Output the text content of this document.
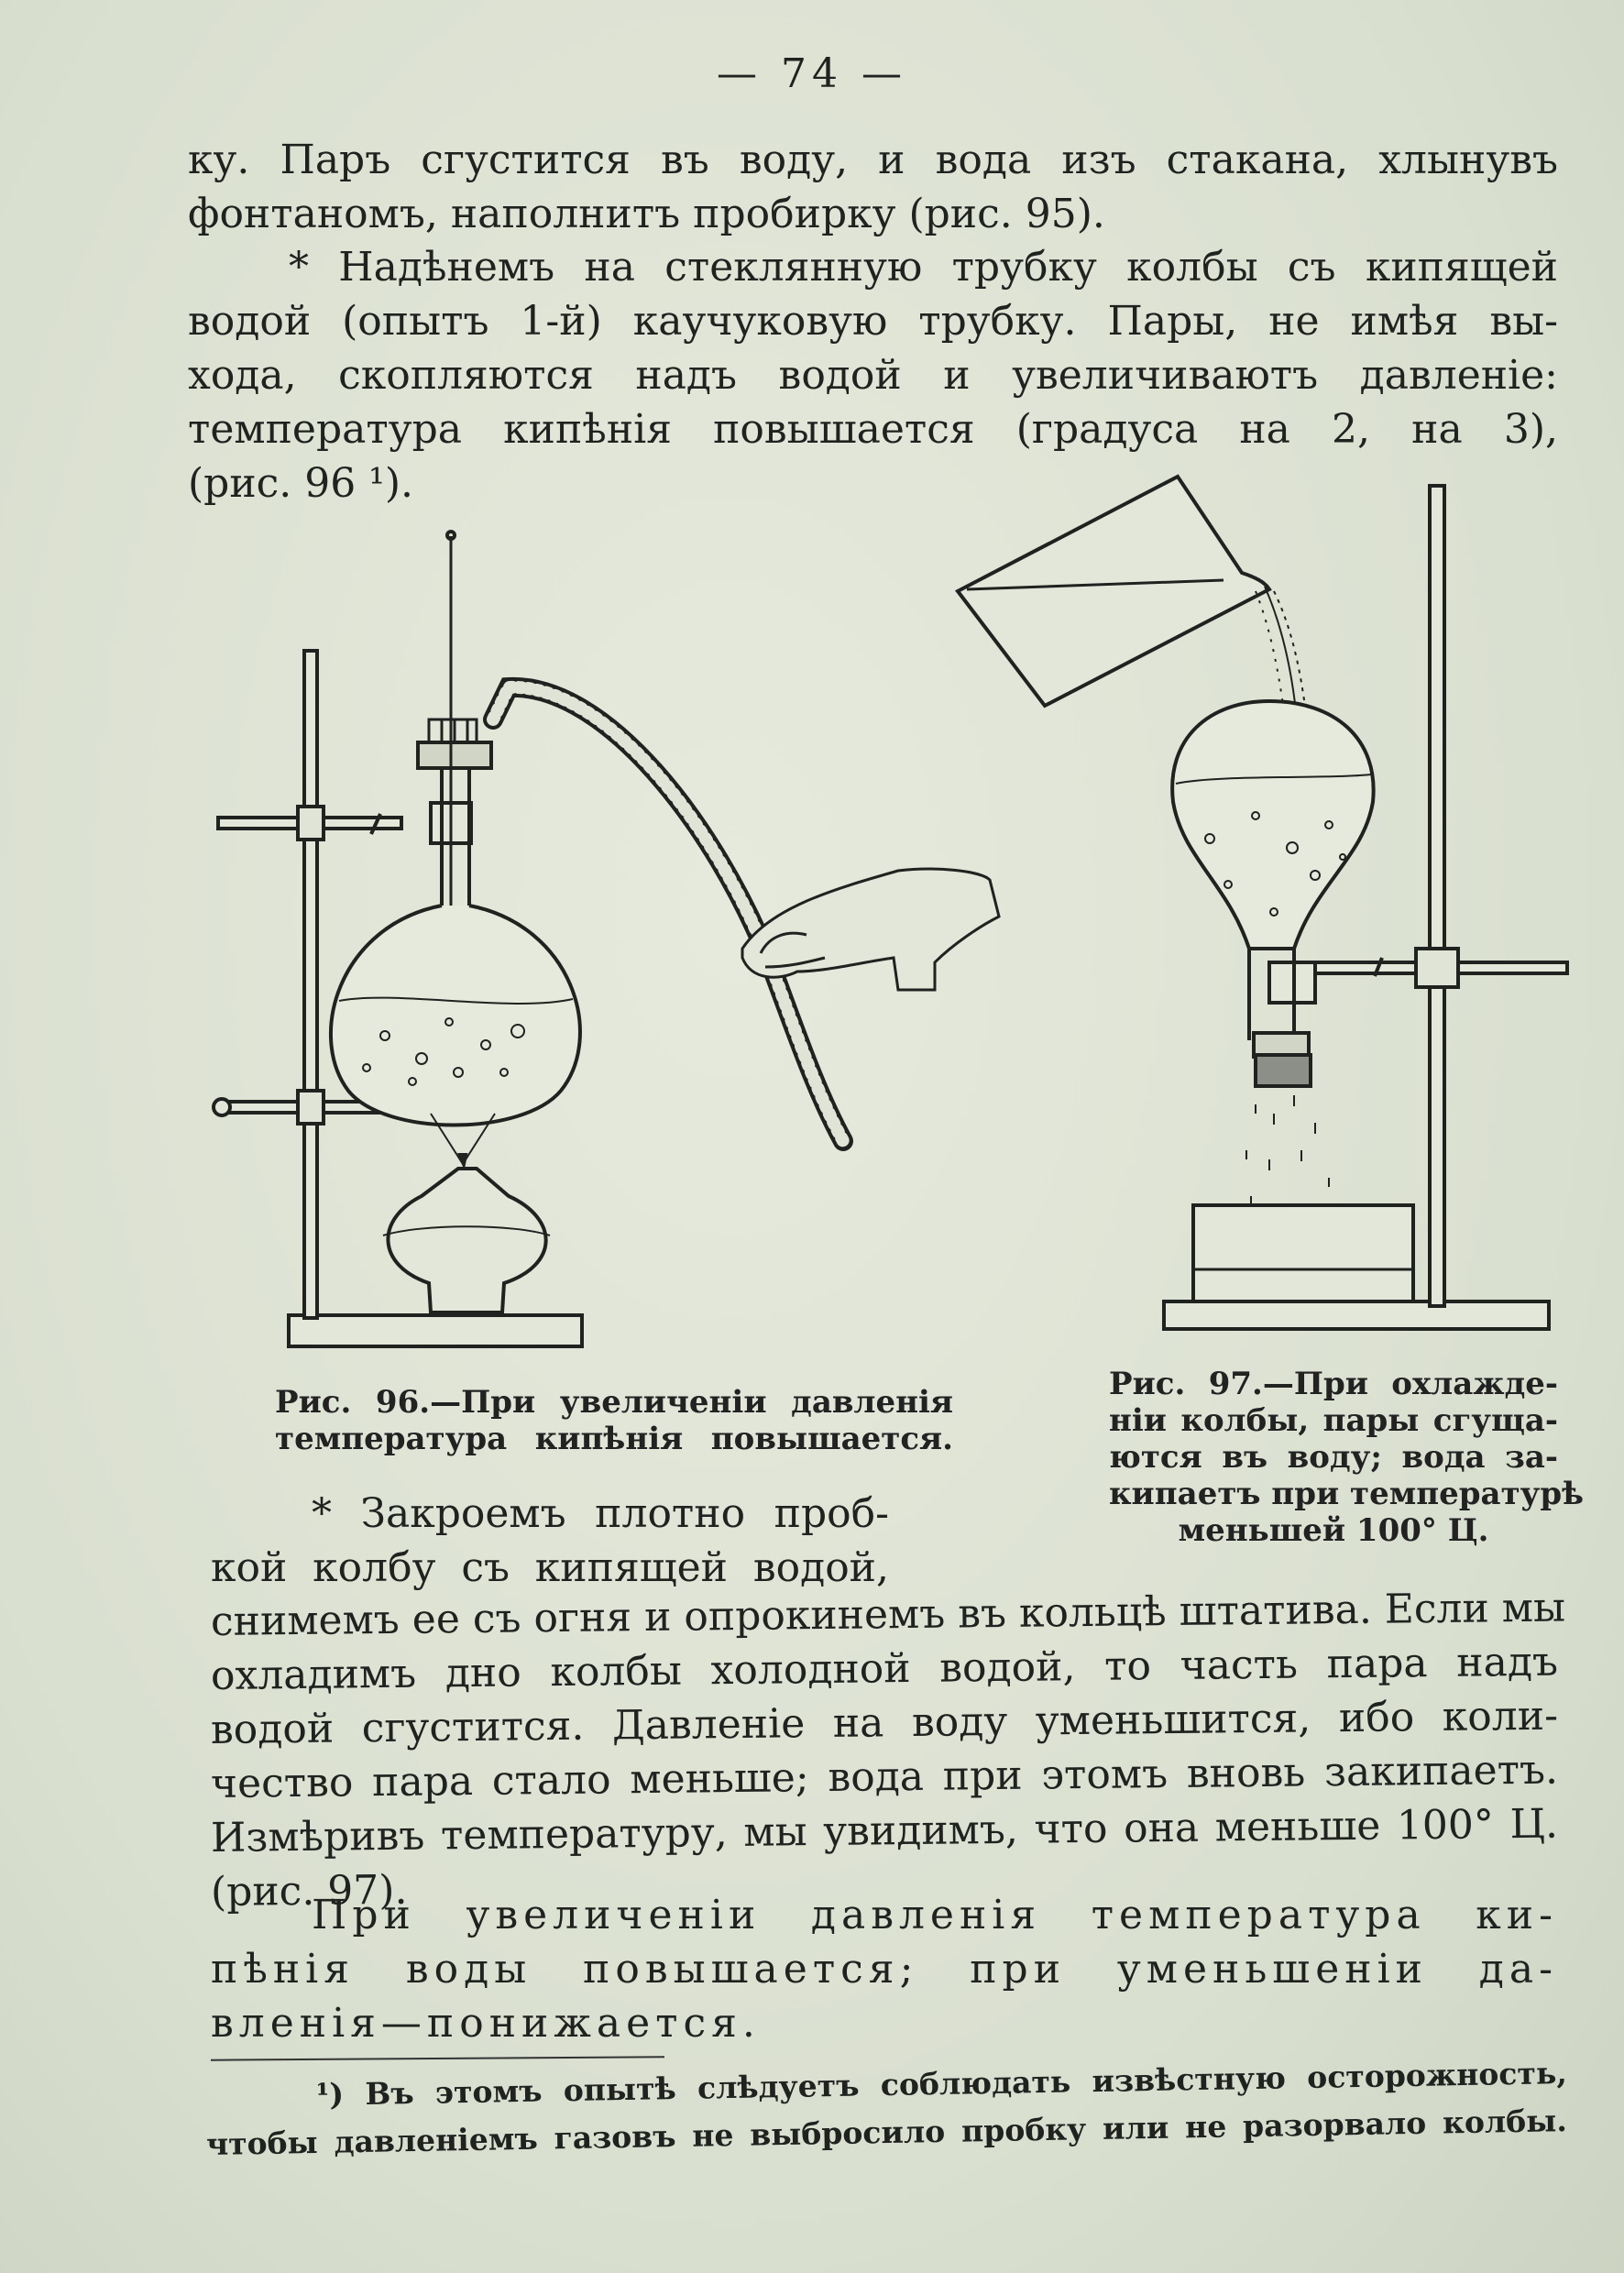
— 74 —
ку. Паръ сгустится въ воду, и вода изъ стакана, хлынувъ
фонтаномъ, наполнитъ пробирку (рис. 95).
* Надѣнемъ на стеклянную трубку колбы съ кипящей
водой (опытъ 1-й) каучуковую трубку. Пары, не имѣя вы-
хода, скопляются надъ водой и увеличиваютъ давленіе:
температура кипѣнія повышается (градуса на 2, на 3),
(рис. 96 ¹).
Рис. 96.—При увеличеніи давленія
температура кипѣнія повышается.
Рис. 97.—При охлажде-
ніи колбы, пары сгуща-
ются въ воду; вода за-
кипаетъ при температурѣ
меньшей 100° Ц.
* Закроемъ плотно проб-
кой колбу съ кипящей водой,
снимемъ ее съ огня и опрокинемъ въ кольцѣ штатива. Если мы
охладимъ дно колбы холодной водой, то часть пара надъ
водой сгустится. Давленіе на воду уменьшится, ибо коли-
чество пара стало меньше; вода при этомъ вновь закипаетъ.
Измѣривъ температуру, мы увидимъ, что она меньше 100° Ц.
(рис. 97).
При увеличеніи давленія температура ки-
пѣнія воды повышается; при уменьшеніи да-
вленія—понижается.
¹) Въ этомъ опытѣ слѣдуетъ соблюдать извѣстную осторожность,
чтобы давленіемъ газовъ не выбросило пробку или не разорвало колбы.
